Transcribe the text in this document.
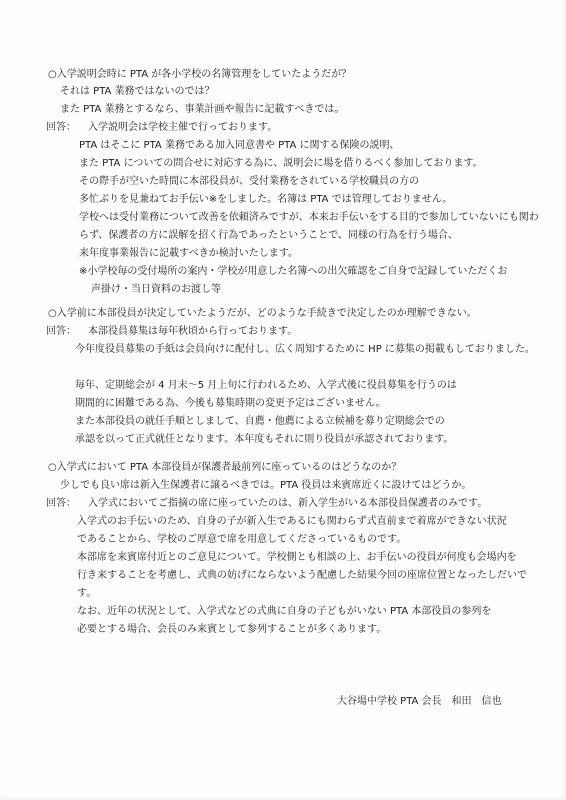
○入学説明会時に PTA が各小学校の名簿管理をしていたようだが？

それは PTA 業務ではないのでは？

また PTA 業務とするなら、事業計画や報告に記載すべきでは。

回答： 入学説明会は学校主催で行っております。

PTA はそこに PTA 業務である加入同意書や PTA に関する保険の説明、

また PTA についての問合せに対応する為に、説明会に場を借りるべく参加しております。

その際手が空いた時間に本部役員が、受付業務をされている学校職員の方の

多忙ぶりを見兼ねてお手伝い※をしました。名簿は PTA では管理しておりません。

学校へは受付業務について改善を依頼済みですが、本来お手伝いをする目的で参加していないにも関わらず、保護者の方に誤解を招く行為であったということで、同様の行為を行う場合、

来年度事業報告に記載すべきか検討いたします。

※小学校毎の受付場所の案内・学校が用意した名簿への出欠確認をご自身で記録していただくお

声掛け・当日資料のお渡し等

○入学前に本部役員が決定していたようだが、どのような手続きで決定したのか理解できない。

回答： 本部役員募集は毎年秋頃から行っております。

今年度役員募集の手紙は会員向けに配付し、広く周知するために HP に募集の掲載もしておりました。

毎年、定期総会が 4 月末～5 月上旬に行われるため、入学式後に役員募集を行うのは

期間的に困難である為、今後も募集時期の変更予定はございません。

また本部役員の就任手順としまして、自薦・他薦による立候補を募り定期総会での

承認を以って正式就任となります。本年度もそれに則り役員が承認されております。

○入学式において PTA 本部役員が保護者最前列に座っているのはどうなのか？

少しでも良い席は新入生保護者に譲るべきでは。PTA 役員は来賓席近くに設けてはどうか。

回答： 入学式においてご指摘の席に座っていたのは、新入学生がいる本部役員保護者のみです。

入学式のお手伝いのため、自身の子が新入生であるにも関わらず式直前まで着席ができない状況

であることから、学校のご厚意で席を用意してくださっているものです。

本部席を来賓席付近とのご意見について。学校側とも相談の上、お手伝いの役員が何度も会場内を

行き来することを考慮し、式典の妨げにならないよう配慮した結果今回の座席位置となったしだいです。

なお、近年の状況として、入学式などの式典に自身の子どもがいない PTA 本部役員の参列を

必要とする場合、会長のみ来賓として参列することが多くあります。

大谷場中学校 PTA 会長　和田　信也
